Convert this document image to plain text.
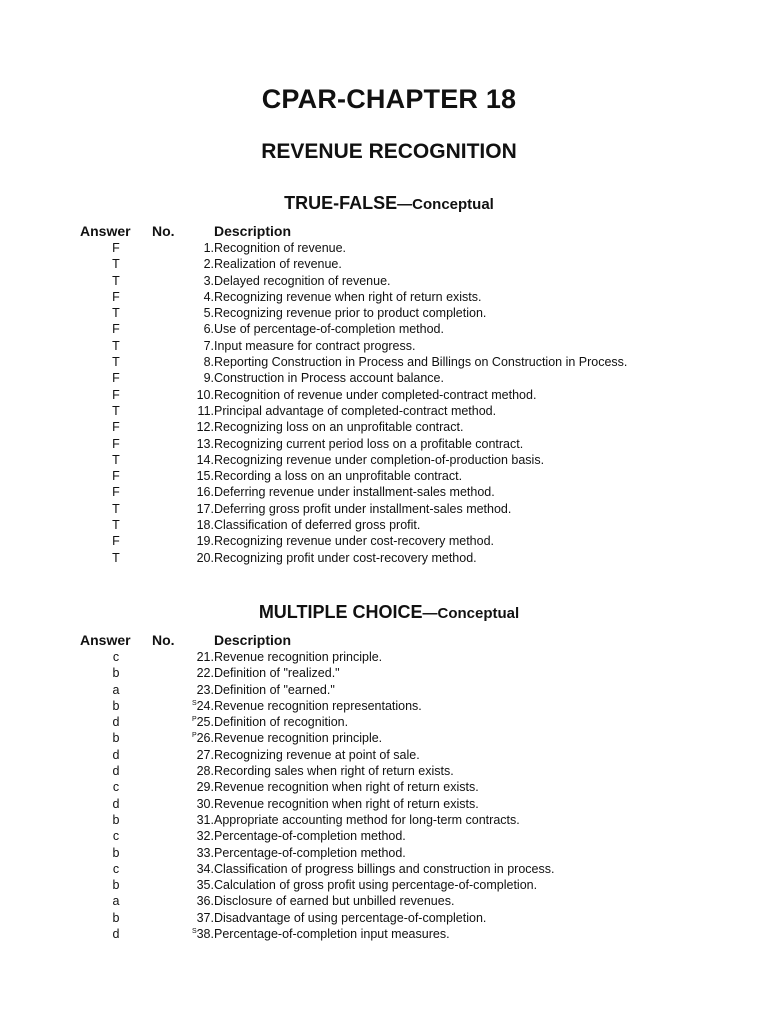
CPAR-CHAPTER 18
REVENUE RECOGNITION
TRUE-FALSE—Conceptual
Answer	No.	Description
F	1.	Recognition of revenue.
T	2.	Realization of revenue.
T	3.	Delayed recognition of revenue.
F	4.	Recognizing revenue when right of return exists.
T	5.	Recognizing revenue prior to product completion.
F	6.	Use of percentage-of-completion method.
T	7.	Input measure for contract progress.
T	8.	Reporting Construction in Process and Billings on Construction in Process.
F	9.	Construction in Process account balance.
F	10.	Recognition of revenue under completed-contract method.
T	11.	Principal advantage of completed-contract method.
F	12.	Recognizing loss on an unprofitable contract.
F	13.	Recognizing current period loss on a profitable contract.
T	14.	Recognizing revenue under completion-of-production basis.
F	15.	Recording a loss on an unprofitable contract.
F	16.	Deferring revenue under installment-sales method.
T	17.	Deferring gross profit under installment-sales method.
T	18.	Classification of deferred gross profit.
F	19.	Recognizing revenue under cost-recovery method.
T	20.	Recognizing profit under cost-recovery method.
MULTIPLE CHOICE—Conceptual
Answer	No.	Description
c	21.	Revenue recognition principle.
b	22.	Definition of "realized."
a	23.	Definition of "earned."
b	$^S$24.	Revenue recognition representations.
d	$^P$25.	Definition of recognition.
b	$^P$26.	Revenue recognition principle.
d	27.	Recognizing revenue at point of sale.
d	28.	Recording sales when right of return exists.
c	29.	Revenue recognition when right of return exists.
d	30.	Revenue recognition when right of return exists.
b	31.	Appropriate accounting method for long-term contracts.
c	32.	Percentage-of-completion method.
b	33.	Percentage-of-completion method.
c	34.	Classification of progress billings and construction in process.
b	35.	Calculation of gross profit using percentage-of-completion.
a	36.	Disclosure of earned but unbilled revenues.
b	37.	Disadvantage of using percentage-of-completion.
d	$^S$38.	Percentage-of-completion input measures.
